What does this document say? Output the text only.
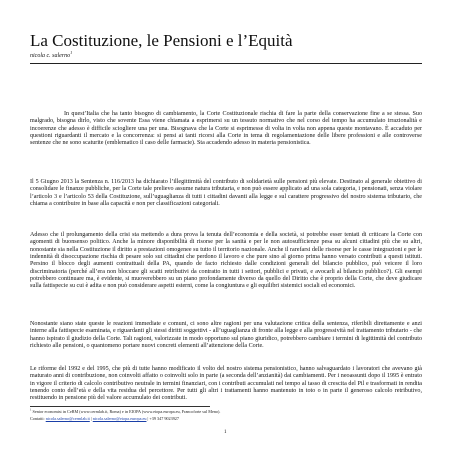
La Costituzione, le Pensioni e l’Equità
nicola c. salerno$^1$

In quest’Italia che ha tanto bisogno di cambiamento, la Corte Costituzionale rischia di fare la parte della conservazione fine a se stessa. Suo malgrado, bisogna dirlo, visto che sovente Essa viene chiamata a esprimersi su un tessuto normativo che nel corso del tempo ha accumulato irrazionalità e incoerenze che adesso è difficile sciogliere una per una. Bisognava che la Corte si esprimesse di volta in volta non appena queste montavano. È accaduto per questioni riguardanti il mercato e la concorrenza: si pensi ai tanti ricorsi alla Corte in tema di regolamentazione delle libere professioni e alle controverse sentenze che ne sono scaturite (emblematico il caso delle farmacie). Sta accadendo adesso in materia pensionistica.

Il 5 Giugno 2013 la Sentenza n. 116/2013 ha dichiarato l’illegittimità del contributo di solidarietà sulle pensioni più elevate. Destinato al generale obiettivo di consolidare le finanze pubbliche, per la Corte tale prelievo assume natura tributaria, e non può essere applicato ad una sola categoria, i pensionati, senza violare l’articolo 3 e l’articolo 53 della Costituzione, sull’uguaglianza di tutti i cittadini davanti alla legge e sul carattere progressivo del nostro sistema tributario, che chiama a contribuire in base alla capacità e non per classificazioni categoriali.

Adesso che il prolungamento della crisi sta mettendo a dura prova la tenuta dell’economia e della società, si potrebbe esser tentati di criticare la Corte con agomenti di buonsenso politico. Anche la minore disponibilità di risorse per la sanità e per le non autosufficienze pesa su alcuni cittadini più che su altri, nonostante sia nella Costituzione il diritto a prestazioni omogenee su tutto il territorio nazionale. Anche il rarefarsi delle risorse per le casse integrazioni e per le indennità di disoccupazione rischia di pesare solo sui cittadini che perdono il lavoro e che pure sino al giorno prima hanno versato contributi a questi istituti. Persino il blocco degli aumenti contrattuali della PA, quando de facto richiesto dalle condizioni generali del bilancio pubblico, può veicere il loro discriminatoria (perché all’era non bloccare gli scatti retributivi da contratto in tutti i settori, pubblici e privati, e avocarli al bilancio pubblico?). Gli esempi potrebbero continuare ma, è evidente, si muoverebbero su un piano profondamente diverso da quello del Diritto che è proprio della Corte, che deve giudicare sulla fattispecie su cui è adita e non può considerare aspetti esterni, come la congiuntura e gli equilibri sistemici sociali ed economici.

Nonostante siano state queste le reazioni immediate e comuni, ci sono altre ragioni per una valutazione critica della sentenza, riferibili direttamente e anzi interne alla fattispecie esaminata, e riguardanti gli stessi diritti soggettivi - all’uguaglianza di fronte alla legge e alla progressività nel trattamento tributario - che hanno ispirato il giudizio della Corte. Tali ragioni, valorizzate in modo opportuno sul piano giuridico, potrebbero cambiare i termini di legittimità del contributo richiesto alle pensioni, o quantomeno portare nuovi concreti elementi all’attenzione della Corte.

Le riforme del 1992 e del 1995, che più di tutte hanno modificato il volto del nostro sistema pensionistico, hanno salvaguardato i lavoratori che avevano già maturato anni di contribuzione, non coinvolti affatto o coinvolti solo in parte (a seconda dell’anzianità) dai cambiamenti. Per i neoassunti dopo il 1995 è entrato in vigore il criterio di calcolo contributivo neutrale in termini finanziari, con i contributi accumulati nel tempo al tasso di crescita del Pil e trasformati in rendita tenendo conto dell’età e della vita residua del percettore. Per tutti gli altri i trattamenti hanno mantenuto in toto o in parte il generoso calcolo retributivo, restituendo in pensione più del valore accumulato dei contributi.

$^1$ Senior economist in CeRM (www.cermlab.it, Roma) e in EIOPA (www.eiopa.europa.eu, Francoforte sul Meno).
Contatti: nicola.salerno@cermlab.it | nicola.salerno@eiopa.europa.eu | +39 347 9023927
1
